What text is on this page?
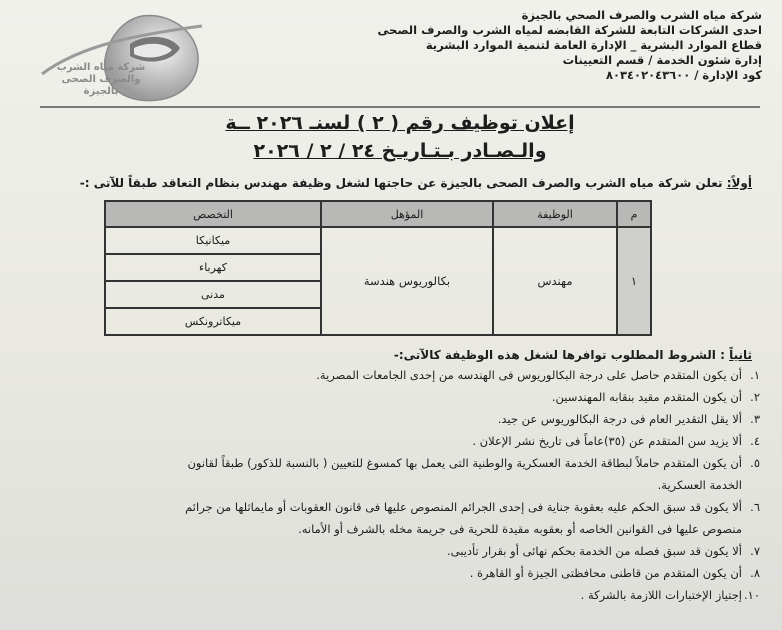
شركة مياه الشرب
والصرف الصحى بالجيزة
شركة مياه الشرب والصرف الصحي بالجيزة
احدى الشركات التابعة للشركة القابضه لمياه الشرب والصرف الصحى
قطاع الموارد البشرية _ الإدارة العامة لتنمية الموارد البشرية
إدارة شئون الخدمة / قسم التعيينات
كود الإدارة / ٨٠٣٤٠٢٠٤٣٦٠٠
إعلان توظيف رقم ( ٢ ) لسنـ ٢٠٢٦ ــة
والـصـادر بـتـاريـخ ٢٤ / ٢ / ٢٠٢٦
أولاً: تعلن شركة مياه الشرب والصرف الصحى بالجيزة عن حاجتها لشغل وظيفة مهندس بنظام التعاقد طبقاً للآتى :-
م	الوظيفة	المؤهل	التخصص
١	مهندس	بكالوريوس هندسة	ميكانيكا
			كهرباء
			مدنى
			ميكاترونكس
ثانياً : الشروط المطلوب توافرها لشغل هذه الوظيفة كالآتى:-
١.أن يكون المتقدم حاصل على درجة البكالوريوس فى الهندسه من إحدى الجامعات المصرية.
٢.أن يكون المتقدم مقيد بنقابه المهندسين.
٣.ألا يقل التقدير العام فى درجة البكالوريوس عن جيد.
٤.ألا يزيد سن المتقدم عن (٣٥)عاماً فى تاريخ نشر الإعلان .
٥.أن يكون المتقدم حاملاً لبطاقة الخدمة العسكرية والوطنية التى يعمل بها كمسوغ للتعيين ( بالنسبة للذكور) طبقاً لقانون
الخدمة العسكرية.
٦.ألا يكون قد سبق الحكم عليه بعقوبة جناية فى إحدى الجرائم المنصوص عليها فى قانون العقوبات أو مايماثلها من جرائم
منصوص عليها فى القوانين الخاصه أو بعقوبه مقيدة للحرية فى جريمة مخله بالشرف أو الأمانه.
٧.ألا يكون قد سبق فصله من الخدمة بحكم نهائى أو بقرار تأديبى.
٨.أن يكون المتقدم من قاطنى محافظتى الجيزة أو القاهرة .
١٠.إجتياز الإختبارات اللازمة بالشركة .
